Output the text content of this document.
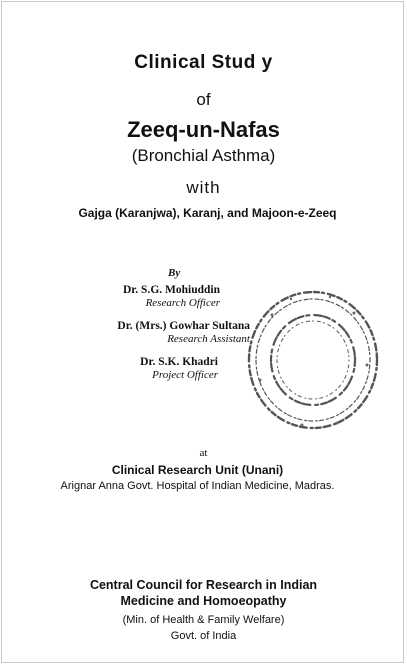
Clinical Stud y
of
Zeeq-un-Nafas
(Bronchial Asthma)
with
Gajga (Karanjwa), Karanj, and Majoon-e-Zeeq
By
Dr. S.G. Mohiuddin
Research Officer
Dr. (Mrs.) Gowhar Sultana
Research Assistant
Dr. S.K. Khadri
Project Officer
at
Clinical Research Unit (Unani)
Arignar Anna Govt. Hospital of Indian Medicine, Madras.
Central Council for Research in Indian
Medicine and Homoeopathy
(Min. of Health & Family Welfare)
Govt. of India
